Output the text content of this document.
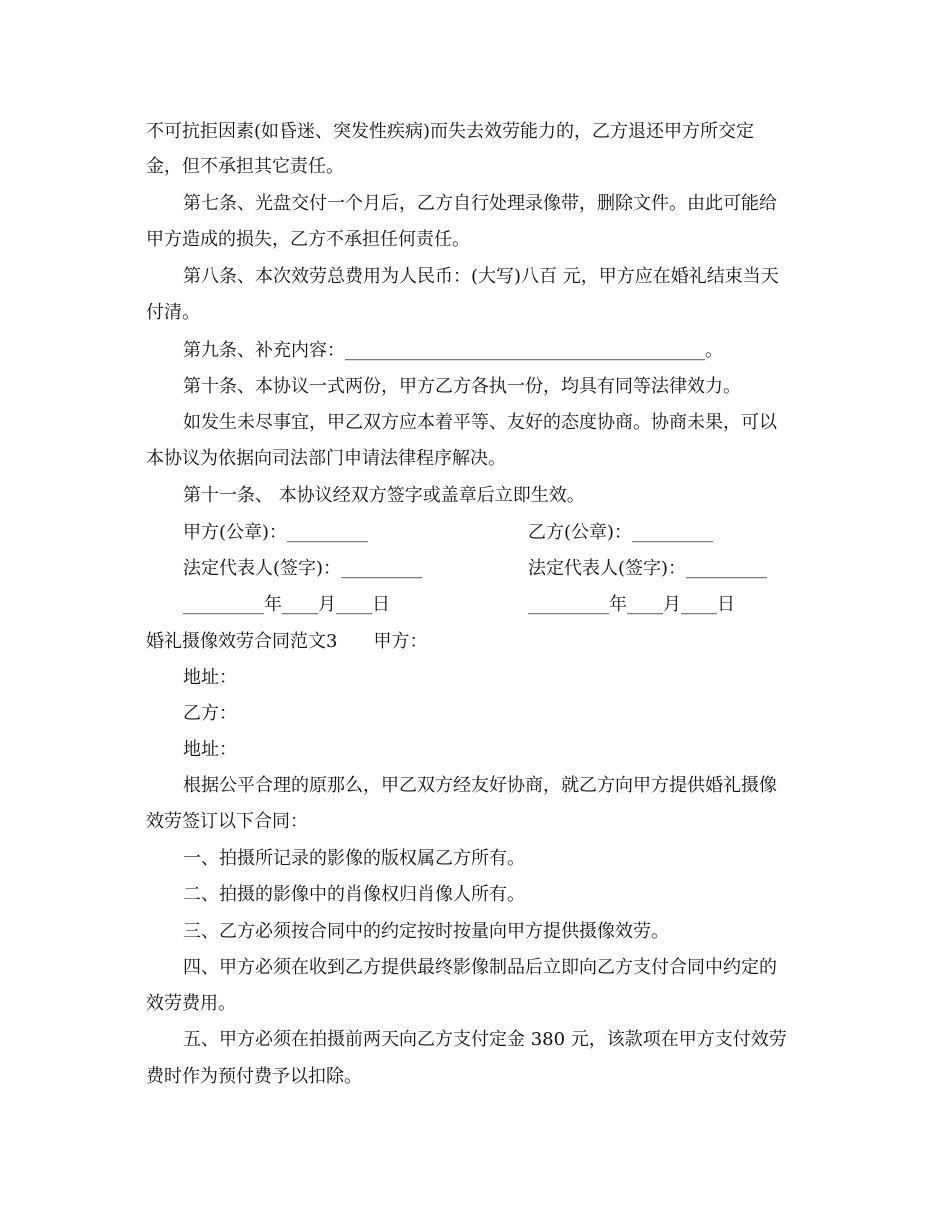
不可抗拒因素(如昏迷、突发性疾病)而失去效劳能力的，乙方退还甲方所交定
金，但不承担其它责任。
第七条、光盘交付一个月后，乙方自行处理录像带，删除文件。由此可能给
甲方造成的损失，乙方不承担任何责任。
第八条、本次效劳总费用为人民币：(大写)八百 元，甲方应在婚礼结束当天
付清。
第九条、补充内容：________________________________________。
第十条、本协议一式两份，甲方乙方各执一份，均具有同等法律效力。
如发生未尽事宜，甲乙双方应本着平等、友好的态度协商。协商未果，可以
本协议为依据向司法部门申请法律程序解决。
第十一条、 本协议经双方签字或盖章后立即生效。
甲方(公章)：_________	乙方(公章)：_________
法定代表人(签字)：_________	法定代表人(签字)：_________
_________年____月____日	_________年____月____日
婚礼摄像效劳合同范文3　　甲方：
地址：
乙方：
地址：
根据公平合理的原那么，甲乙双方经友好协商，就乙方向甲方提供婚礼摄像
效劳签订以下合同：
一、拍摄所记录的影像的版权属乙方所有。
二、拍摄的影像中的肖像权归肖像人所有。
三、乙方必须按合同中的约定按时按量向甲方提供摄像效劳。
四、甲方必须在收到乙方提供最终影像制品后立即向乙方支付合同中约定的
效劳费用。
五、甲方必须在拍摄前两天向乙方支付定金 380 元，该款项在甲方支付效劳
费时作为预付费予以扣除。
